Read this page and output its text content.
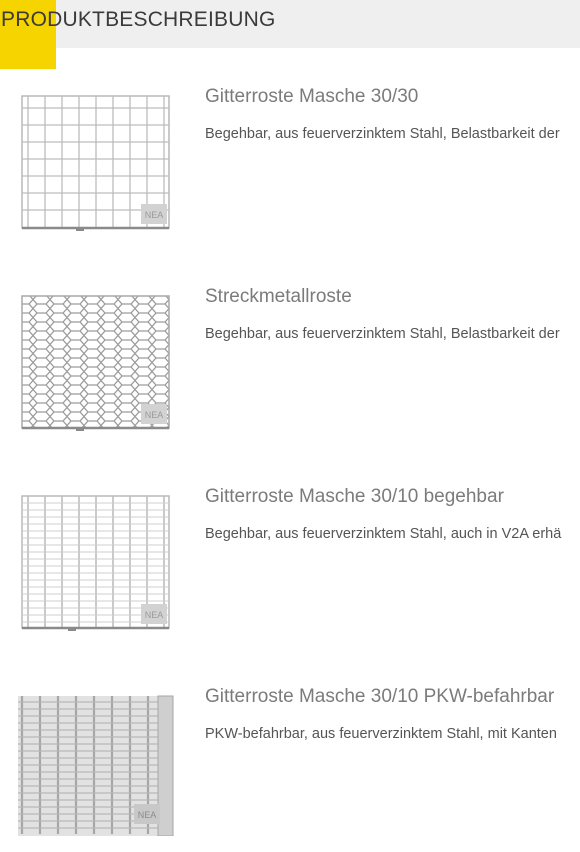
PRODUKTBESCHREIBUNG
NEA
Gitterroste Masche 30/30
Begehbar, aus feuerverzinktem Stahl, Belastbarkeit der
NEA
Streckmetallroste
Begehbar, aus feuerverzinktem Stahl, Belastbarkeit der
NEA
Gitterroste Masche 30/10 begehbar
Begehbar, aus feuerverzinktem Stahl, auch in V2A erhä
NEA
Gitterroste Masche 30/10 PKW-befahrbar
PKW-befahrbar, aus feuerverzinktem Stahl, mit Kanten
